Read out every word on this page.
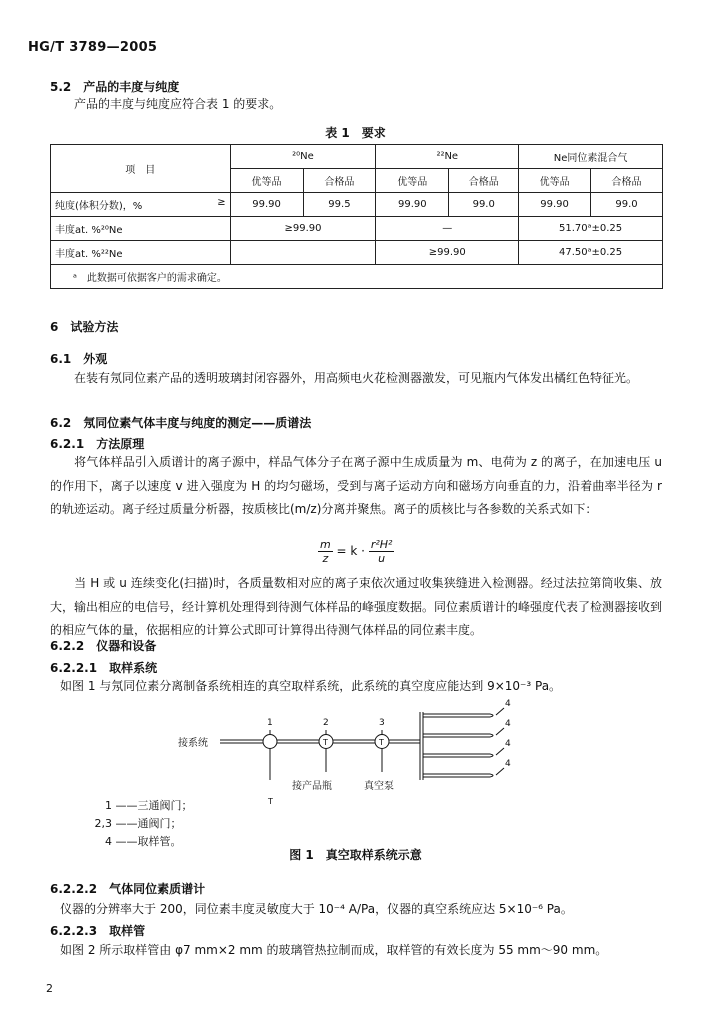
HG/T 3789—2005
5.2　 产品的丰度与纯度
产品的丰度与纯度应符合表 1 的要求。
表 1　要求
项　目	²⁰Ne		²²Ne		Ne同位素混合气	
	优等品	合格品	优等品	合格品	优等品	合格品
纯度(体积分数)，% ≥	99.90	99.5	99.90	99.0	99.90	99.0
丰度at. %²⁰Ne	≥99.90		—		51.70ᵃ±0.25	
丰度at. %²²Ne			≥99.90		47.50ᵃ±0.25	
ᵃ　此数据可依据客户的需求确定。						
6　 试验方法
6.1　 外观
在装有氖同位素产品的透明玻璃封闭容器外，用高频电火花检测器激发，可见瓶内气体发出橘红色特征光。
6.2　 氖同位素气体丰度与纯度的测定——质谱法
6.2.1　 方法原理
将气体样品引入质谱计的离子源中，样品气体分子在离子源中生成质量为 m、电荷为 z 的离子，在加速电压 u 的作用下，离子以速度 v 进入强度为 H 的均匀磁场，受到与离子运动方向和磁场方向垂直的力，沿着曲率半径为 r 的轨迹运动。离子经过质量分析器，按质核比(m/z)分离并聚焦。离子的质核比与各参数的关系式如下：
$\frac{m}{z} = k \cdot \frac{\text{r²H²}}{u}$
当 H 或 u 连续变化(扫描)时，各质量数相对应的离子束依次通过收集狭缝进入检测器。经过法拉第筒收集、放大，输出相应的电信号，经计算机处理得到待测气体样品的峰强度数据。同位素质谱计的峰强度代表了检测器接收到的相应气体的量，依据相应的计算公式即可计算得出待测气体样品的同位素丰度。
6.2.2　 仪器和设备
6.2.2.1　 取样系统
如图 1 与氖同位素分离制备系统相连的真空取样系统，此系统的真空度应能达到 9×10⁻³ Pa。
T
T	T
接系统
1	2	3
4
4
4
4
接产品瓶	真空泵
1 ——三通阀门；
2,3 ——通阀门；
4 ——取样管。
图 1　真空取样系统示意
6.2.2.2　 气体同位素质谱计
仪器的分辨率大于 200，同位素丰度灵敏度大于 10⁻⁴ A/Pa，仪器的真空系统应达 5×10⁻⁶ Pa。
6.2.2.3　 取样管
如图 2 所示取样管由 φ7 mm×2 mm 的玻璃管热拉制而成，取样管的有效长度为 55 mm～90 mm。
2
